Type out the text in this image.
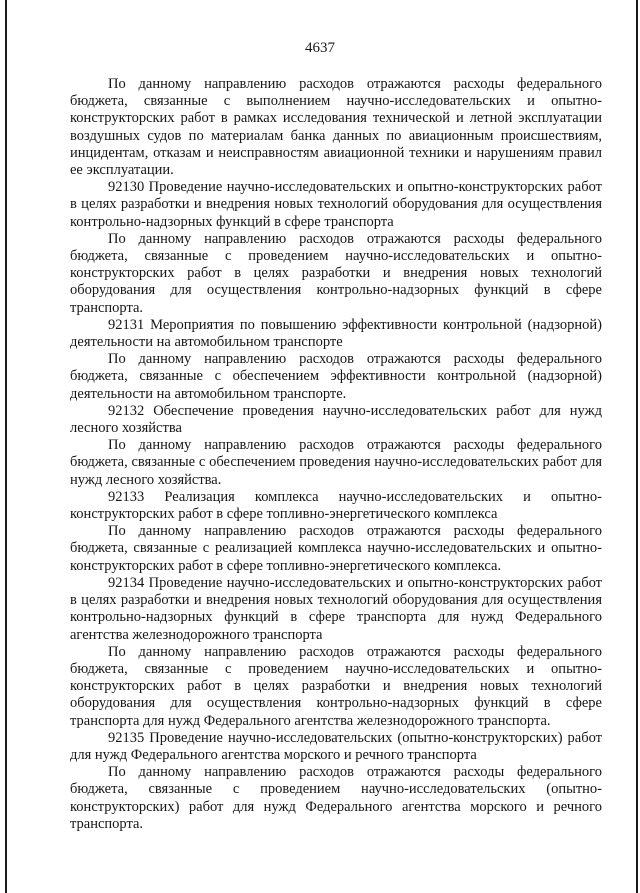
4637

По данному направлению расходов отражаются расходы федерального бюджета, связанные с выполнением научно-исследовательских и опытно-конструкторских работ в рамках исследования технической и летной эксплуатации воздушных судов по материалам банка данных по авиационным происшествиям, инцидентам, отказам и неисправностям авиационной техники и нарушениям правил ее эксплуатации.

92130 Проведение научно-исследовательских и опытно-конструкторских работ в целях разработки и внедрения новых технологий оборудования для осуществления контрольно-надзорных функций в сфере транспорта

По данному направлению расходов отражаются расходы федерального бюджета, связанные с проведением научно-исследовательских и опытно-конструкторских работ в целях разработки и внедрения новых технологий оборудования для осуществления контрольно-надзорных функций в сфере транспорта.

92131 Мероприятия по повышению эффективности контрольной (надзорной) деятельности на автомобильном транспорте

По данному направлению расходов отражаются расходы федерального бюджета, связанные с обеспечением эффективности контрольной (надзорной) деятельности на автомобильном транспорте.

92132 Обеспечение проведения научно-исследовательских работ для нужд лесного хозяйства

По данному направлению расходов отражаются расходы федерального бюджета, связанные с обеспечением проведения научно-исследовательских работ для нужд лесного хозяйства.

92133 Реализация комплекса научно-исследовательских и опытно-конструкторских работ в сфере топливно-энергетического комплекса

По данному направлению расходов отражаются расходы федерального бюджета, связанные с реализацией комплекса научно-исследовательских и опытно-конструкторских работ в сфере топливно-энергетического комплекса.

92134 Проведение научно-исследовательских и опытно-конструкторских работ в целях разработки и внедрения новых технологий оборудования для осуществления контрольно-надзорных функций в сфере транспорта для нужд Федерального агентства железнодорожного транспорта

По данному направлению расходов отражаются расходы федерального бюджета, связанные с проведением научно-исследовательских и опытно-конструкторских работ в целях разработки и внедрения новых технологий оборудования для осуществления контрольно-надзорных функций в сфере транспорта для нужд Федерального агентства железнодорожного транспорта.

92135 Проведение научно-исследовательских (опытно-конструкторских) работ для нужд Федерального агентства морского и речного транспорта

По данному направлению расходов отражаются расходы федерального бюджета, связанные с проведением научно-исследовательских (опытно-конструкторских) работ для нужд Федерального агентства морского и речного транспорта.
